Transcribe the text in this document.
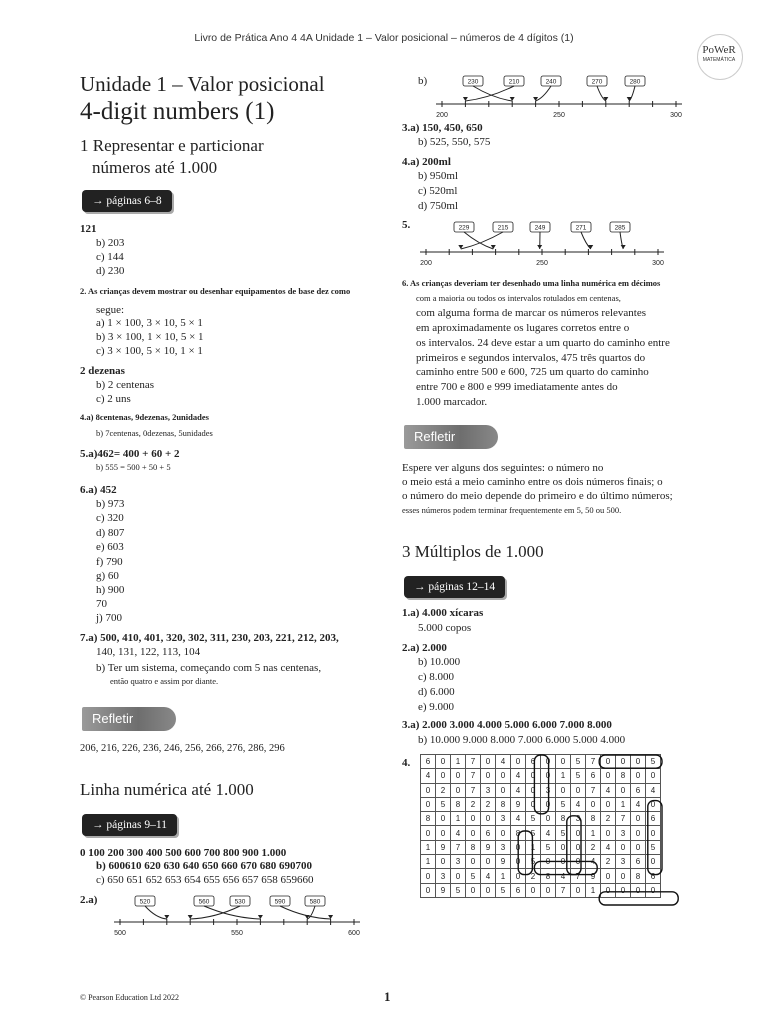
Livro de Prática Ano 4 4A Unidade 1 – Valor posicional – números de 4 dígitos (1)
PoWeR
MATEMÁTICA
Unidade 1 – Valor posicional
4-digit numbers (1)
1 Representar e particionar
números até 1.000
→ páginas 6–8
121
b) 203
c) 144
d) 230
2. As crianças devem mostrar ou desenhar equipamentos de base dez como
segue:
a) 1 × 100, 3 × 10, 5 × 1
b) 3 × 100, 1 × 10, 5 × 1
c) 3 × 100, 5 × 10, 1 × 1
2 dezenas
b) 2 centenas
c) 2 uns
4.a) 8centenas, 9dezenas, 2unidades
b) 7centenas, 0dezenas, 5unidades
5.a)462= 400 + 60 + 2
b) 555 = 500 + 50 + 5
6.a) 452
b) 973
c) 320
d) 807
e) 603
f) 790
g) 60
h) 900
70
j) 700
7.a) 500, 410, 401, 320, 302, 311, 230, 203, 221, 212, 203,
140, 131, 122, 113, 104
b) Ter um sistema, começando com 5 nas centenas,
então quatro e assim por diante.
Refletir
206, 216, 226, 236, 246, 256, 266, 276, 286, 296
Linha numérica até 1.000
→ páginas 9–11
0 100 200 300 400 500 600 700 800 900 1.000
b) 600610 620 630 640 650 660 670 680 690700
c) 650 651 652 653 654 655 656 657 658 659660
2.a)
500	550	600
520	560	530	590	580
b)
200	250	300
230	210	240	270	280
3.a) 150, 450, 650
b) 525, 550, 575
4.a) 200ml
b) 950ml
c) 520ml
d) 750ml
5.
200	250	300
229	215	249	271	285
6. As crianças deveriam ter desenhado uma linha numérica em décimos
com a maioria ou todos os intervalos rotulados em centenas,
com alguma forma de marcar os números relevantes
em aproximadamente os lugares corretos entre o
os intervalos. 24 deve estar a um quarto do caminho entre
primeiros e segundos intervalos, 475 três quartos do
caminho entre 500 e 600, 725 um quarto do caminho
entre 700 e 800 e 999 imediatamente antes do
1.000 marcador.
Refletir
Espere ver alguns dos seguintes: o número no
o meio está a meio caminho entre os dois números finais; o
o número do meio depende do primeiro e do último números;
esses números podem terminar frequentemente em 5, 50 ou 500.
3 Múltiplos de 1.000
→ páginas 12–14
1.a) 4.000 xícaras
5.000 copos
2.a) 2.000
b) 10.000
c) 8.000
d) 6.000
e) 9.000
3.a) 2.000 3.000 4.000 5.000 6.000 7.000 8.000
b) 10.000 9.000 8.000 7.000 6.000 5.000 4.000
4. 6	0	1	7	0	4	0	6	0	0	5	7	0	0	0	5
4	0	0	7	0	0	4	0	0	1	5	6	0	8	0	0
0	2	0	7	3	0	4	0	3	0	0	7	4	0	6	4
0	5	8	2	2	8	9	0	0	5	4	0	0	1	4	0
8	0	1	0	0	3	4	5	0	8	3	8	2	7	0	6
0	0	4	0	6	0	8	5	4	5	0	1	0	3	0	0
1	9	7	8	9	3	0	1	5	0	0	2	4	0	0	5
1	0	3	0	0	9	0	5	0	0	0	4	2	3	6	0
0	3	0	5	4	1	0	2	8	4	7	9	0	0	8	6
0	9	5	0	0	5	6	0	0	7	0	1	0	0	0	0
© Pearson Education Ltd 2022	1
